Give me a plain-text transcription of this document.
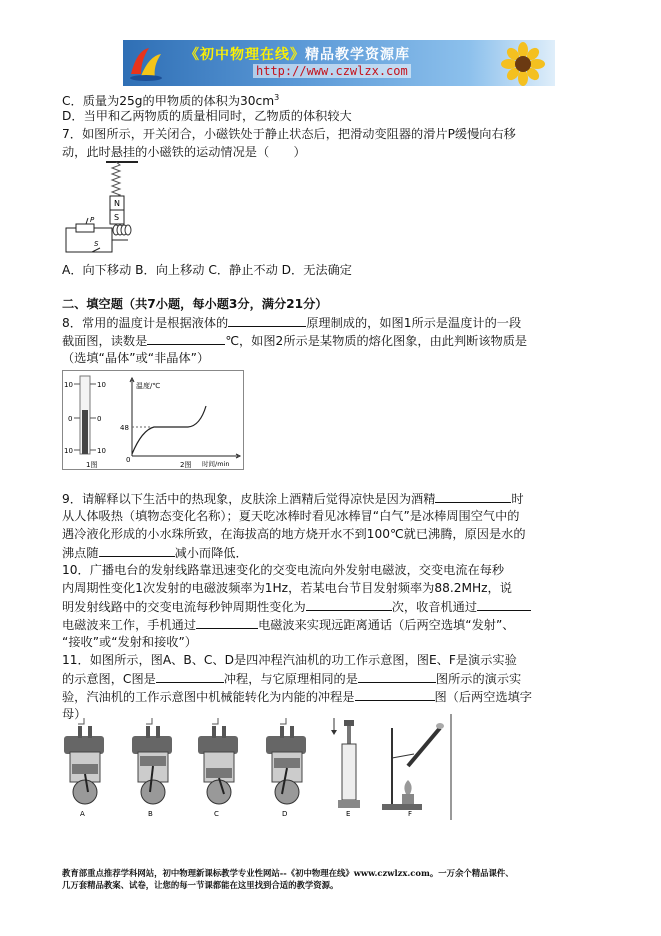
《初中物理在线》精品教学资源库
http://www.czwlzx.com
C．质量为25g的甲物质的体积为$30cm^3$
D．当甲和乙两物质的质量相同时，乙物质的体积较大
7．如图所示，开关闭合，小磁铁处于静止状态后，把滑动变阻器的滑片P缓慢向右移
动，此时悬挂的小磁铁的运动情况是（　　）
N
S
P
S
A．向下移动 B．向上移动 C．静止不动 D．无法确定
二、填空题（共7小题，每小题3分，满分21分）
8．常用的温度计是根据液体的	原理制成的，如图1所示是温度计的一段
截面图，读数是	℃，如图2所示是某物质的熔化图象，由此判断该物质是
（选填“晶体”或“非晶体”）
10
0
10
10
0
10
1图
温度/℃
时间/min
48
0
2图
9．请解释以下生活中的热现象，皮肤涂上酒精后觉得凉快是因为酒精	时
从人体吸热（填物态变化名称）；夏天吃冰棒时看见冰棒冒“白气”是冰棒周围空气中的
遇冷液化形成的小水珠所致，在海拔高的地方烧开水不到100℃就已沸腾，原因是水的
沸点随	减小而降低．
10．广播电台的发射线路靠迅速变化的交变电流向外发射电磁波，交变电流在每秒
内周期性变化1次发射的电磁波频率为1Hz，若某电台节目发射频率为88.2MHz，说
明发射线路中的交变电流每秒钟周期性变化为	次，收音机通过
电磁波来工作，手机通过	电磁波来实现远距离通话（后两空选填“发射”、
“接收”或“发射和接收”）
11．如图所示，图A、B、C、D是四冲程汽油机的功工作示意图，图E、F是演示实验
的示意图，C图是	冲程，与它原理相同的是	图所示的演示实
验，汽油机的工作示意图中机械能转化为内能的冲程是	图（后两空选填字
母）
A	B	C	D	E	F
教育部重点推荐学科网站，初中物理新课标教学专业性网站--《初中物理在线》www.czwlzx.com。一万余个精品课件、
几万套精品教案、试卷，让您的每一节课都能在这里找到合适的教学资源。
